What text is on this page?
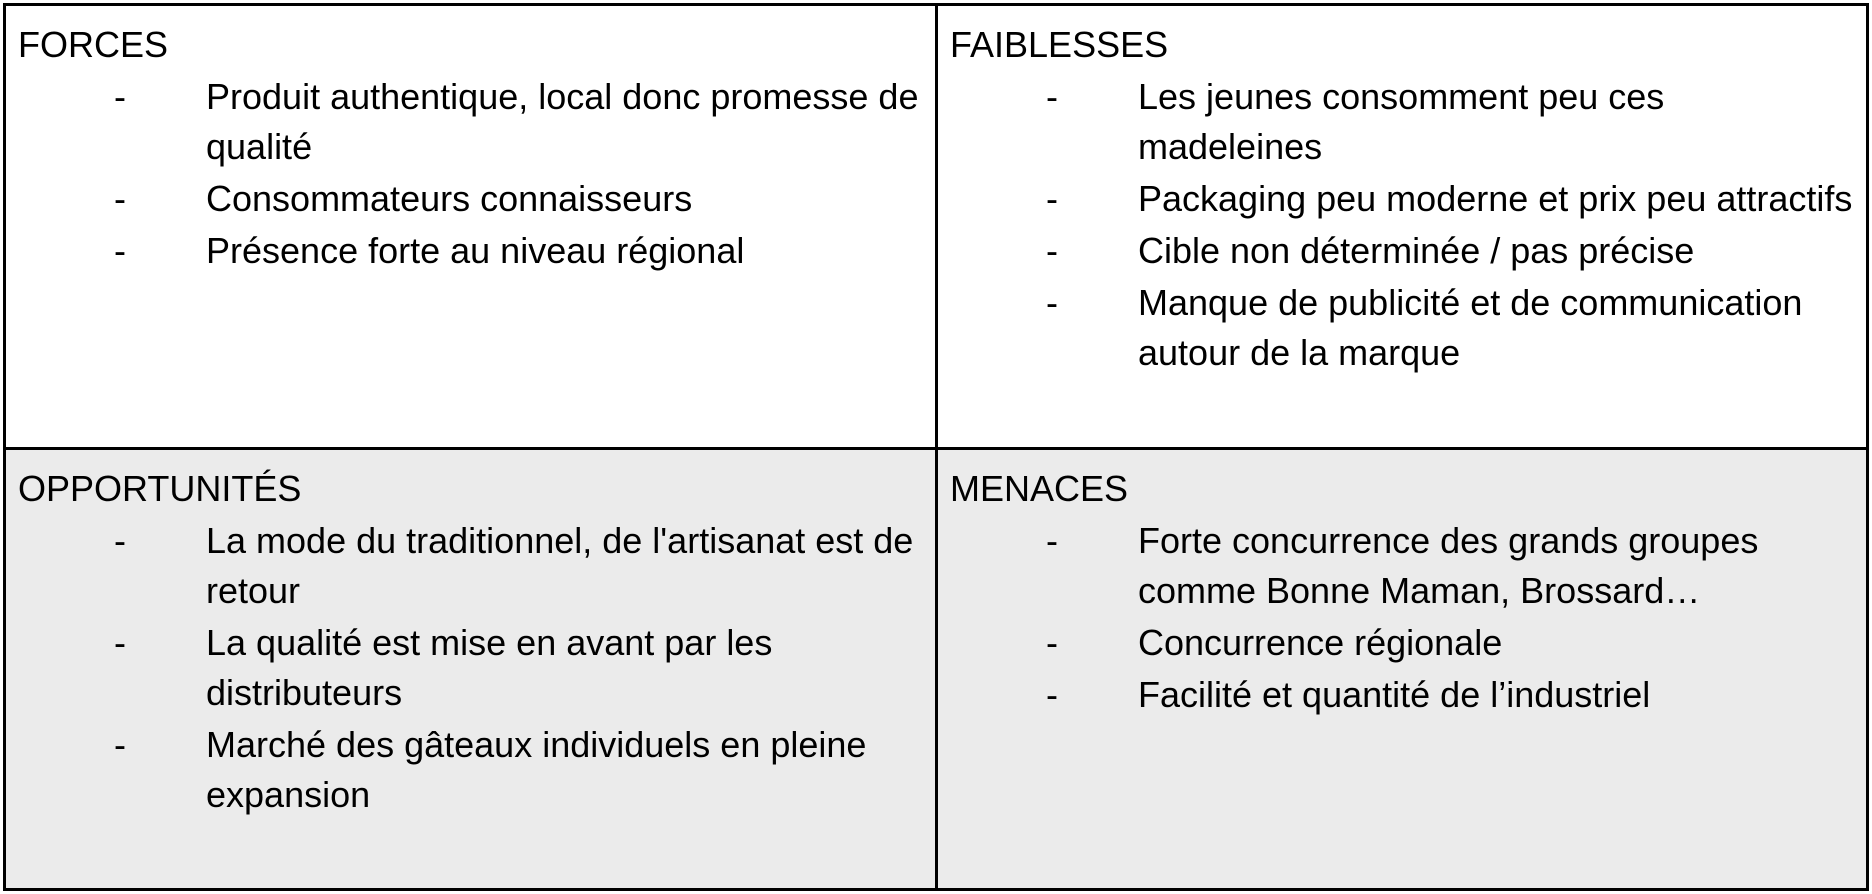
FORCES

-	Produit authentique, local donc promesse de qualité
-	Consommateurs connaisseurs
-	Présence forte au niveau régional

FAIBLESSES

-	Les jeunes consomment peu ces madeleines
-	Packaging peu moderne et prix peu attractifs
-	Cible non déterminée / pas précise
-	Manque de publicité et de communication autour de la marque

OPPORTUNITÉS

-	La mode du traditionnel, de l'artisanat est de retour
-	La qualité est mise en avant par les distributeurs
-	Marché des gâteaux individuels en pleine expansion

MENACES

-	Forte concurrence des grands groupes comme Bonne Maman, Brossard…
-	Concurrence régionale
-	Facilité et quantité de l’industriel
